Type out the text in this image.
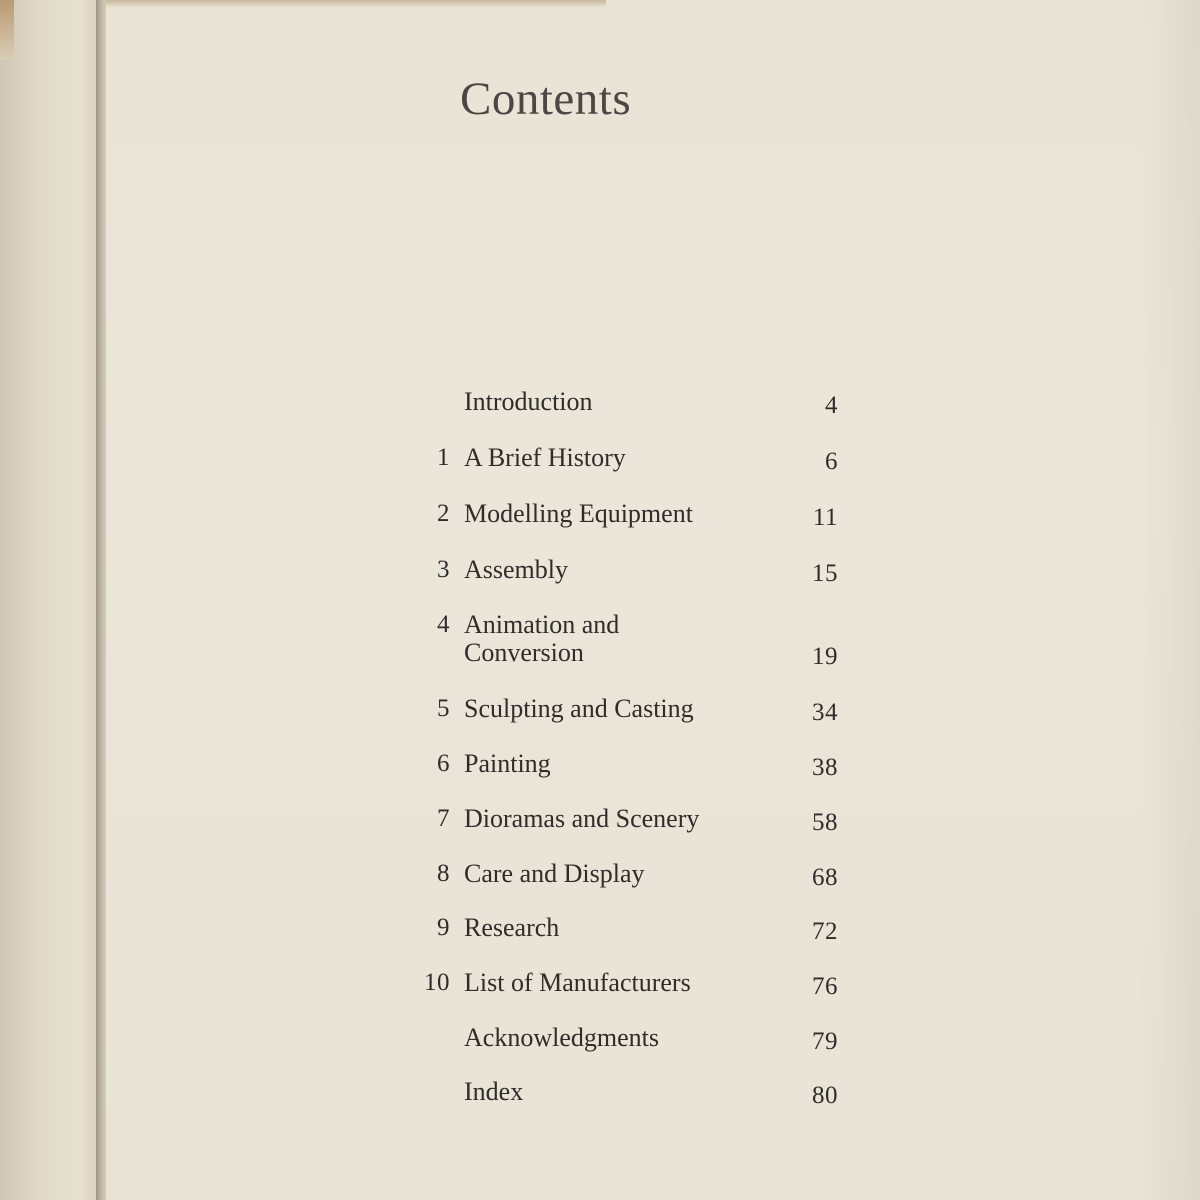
Contents
Introduction	4
1 A Brief History	6
2 Modelling Equipment	11
3 Assembly	15
4 Animation and
Conversion	19
5 Sculpting and Casting	34
6 Painting	38
7 Dioramas and Scenery	58
8 Care and Display	68
9 Research	72
10 List of Manufacturers	76
Acknowledgments	79
Index	80
